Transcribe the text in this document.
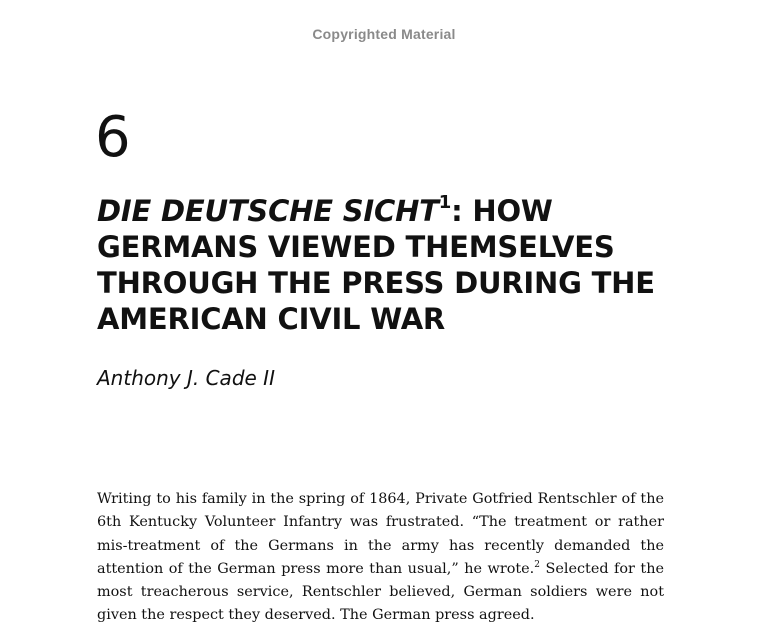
Copyrighted Material
6
DIE DEUTSCHE SICHT$^1$: HOW GERMANS VIEWED THEMSELVES THROUGH THE PRESS DURING THE AMERICAN CIVIL WAR
Anthony J. Cade II
Writing to his family in the spring of 1864, Private Gotfried Rentschler of the 6th Kentucky Volunteer Infantry was frustrated. “The treatment or rather mis-treatment of the Germans in the army has recently demanded the attention of the German press more than usual,” he wrote.$^2$ Selected for the most treacherous service, Rentschler believed, German soldiers were not given the respect they deserved. The German press agreed.
